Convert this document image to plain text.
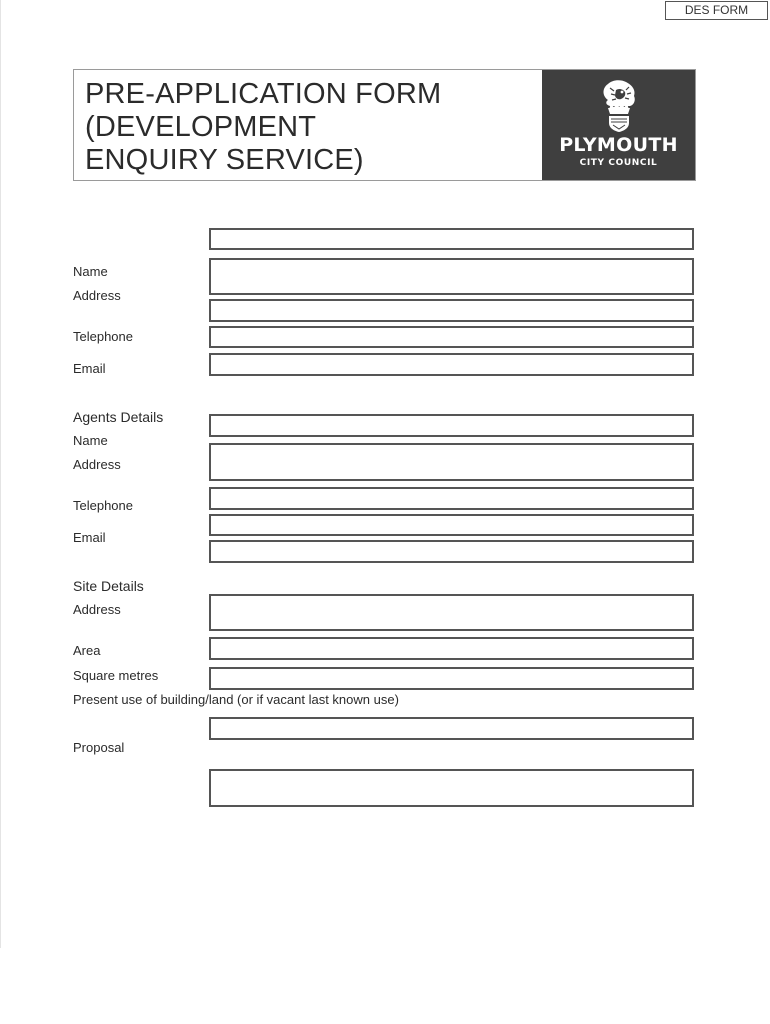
DES FORM
PRE-APPLICATION FORM
(DEVELOPMENT
ENQUIRY SERVICE)	PLYMOUTH
CITY COUNCIL
Name
Address
Telephone
Email
Agents Details
Name
Address
Telephone
Email
Site Details
Address
Area
Square metres
Present use of building/land (or if vacant last known use)
Proposal
